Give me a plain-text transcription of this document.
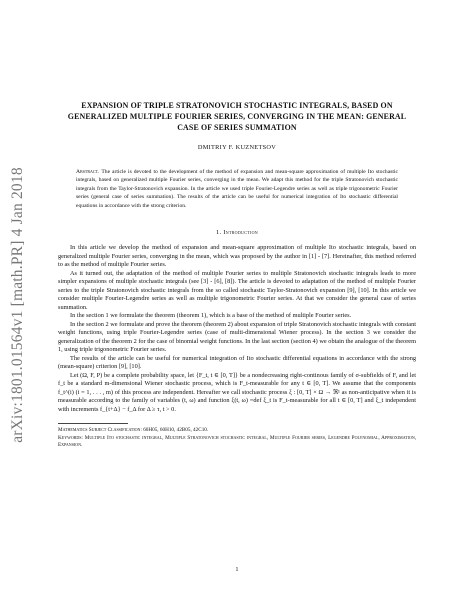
arXiv:1801.01564v1 [math.PR] 4 Jan 2018
EXPANSION OF TRIPLE STRATONOVICH STOCHASTIC INTEGRALS, BASED ON GENERALIZED MULTIPLE FOURIER SERIES, CONVERGING IN THE MEAN: GENERAL CASE OF SERIES SUMMATION
DMITRIY F. KUZNETSOV
Abstract. The article is devoted to the development of the method of expansion and mean-square approximation of multiple Ito stochastic integrals, based on generalized multiple Fourier series, converging in the mean. We adapt this method for the triple Stratonovich stochastic integrals from the Taylor-Stratonovich expansion. In the article we used triple Fourier-Legendre series as well as triple trigonometric Fourier series (general case of series summation). The results of the article can be useful for numerical integration of Ito stochastic differential equations in accordance with the strong criterion.
1. Introduction

In this article we develop the method of expansion and mean-square approximation of multiple Ito stochastic integrals, based on generalized multiple Fourier series, converging in the mean, which was proposed by the author in [1] - [7]. Hereinafter, this method referred to as the method of multiple Fourier series.

As it turned out, the adaptation of the method of multiple Fourier series to multiple Stratonovich stochastic integrals leads to more simpler expansions of multiple stochastic integrals (see [3] - [6], [8]). The article is devoted to adaptation of the method of multiple Fourier series to the triple Stratonovich stochastic integrals from the so called stochastic Taylor-Stratonovich expansion [9], [10]. In this article we consider multiple Fourier-Legendre series as well as multiple trigonometric Fourier series. At that we consider the general case of series summation.

In the section 1 we formulate the theorem (theorem 1), which is a base of the method of multiple Fourier series.

In the section 2 we formulate and prove the theorem (theorem 2) about expansion of triple Stratonovich stochastic integrals with constant weight functions, using triple Fourier-Legendre series (case of multi-dimensional Wiener process). In the section 3 we consider the generalization of the theorem 2 for the case of binomial weight functions. In the last section (section 4) we obtain the analogue of the theorem 1, using triple trigonometric Fourier series.

The results of the article can be useful for numerical integration of Ito stochastic differential equations in accordance with the strong (mean-square) criterion [9], [10].

Let (Ω, F, P) be a complete probability space, let {F_t, t ∈ [0, T]} be a nondecreasing right-continous family of σ-subfields of F, and let f_t be a standard m-dimensional Wiener stochastic process, which is F_t-measurable for any t ∈ [0, T]. We assume that the components f_t^(i) (i = 1, . . . , m) of this process are independent. Hereafter we call stochastic process ξ : [0, T] × Ω → ℜ¹ as non-anticipative when it is measurable according to the family of variables (t, ω) and function ξ(t, ω) =def ξ_t is F_t-measurable for all t ∈ [0, T] and ξ_t independent with increments f_{t+Δ} − f_Δ for Δ ≥ τ, t > 0.

Mathematics Subject Classification: 60H05, 60H10, 42B05, 42C10.
Keywords: Multiple Ito stochastic integral, Multiple Stratonovich stochastic integral, Multiple Fourier series, Legendre Polynomial, Approximation, Expansion.
1
